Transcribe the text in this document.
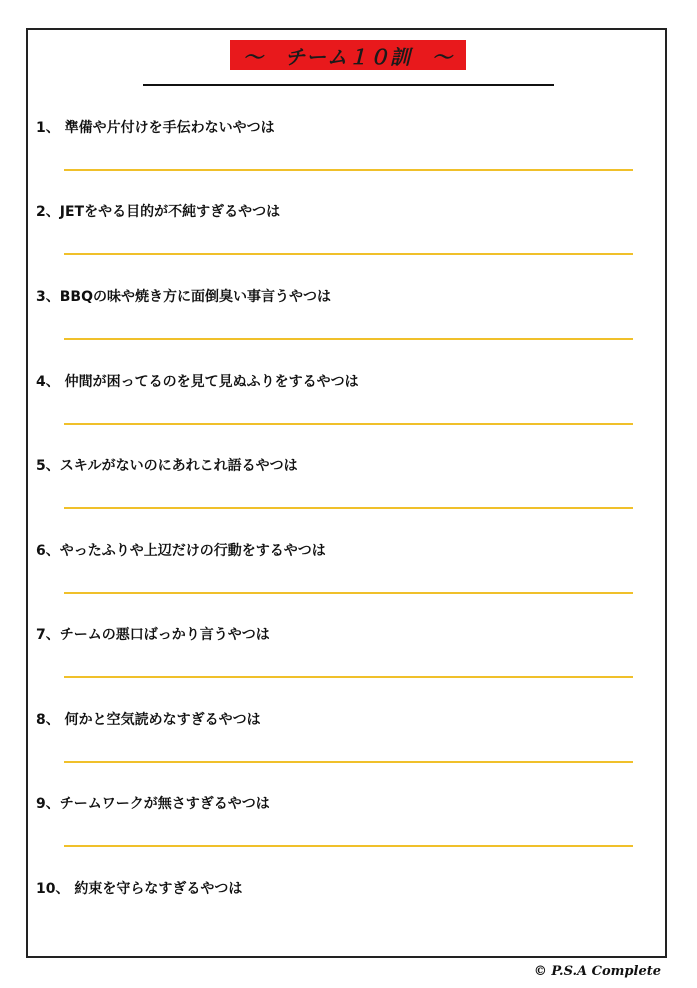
〜　チーム１０訓　〜
1、 準備や片付けを手伝わないやつは
2、JETをやる目的が不純すぎるやつは
3、BBQの味や焼き方に面倒臭い事言うやつは
4、 仲間が困ってるのを見て見ぬふりをするやつは
5、スキルがないのにあれこれ語るやつは
6、やったふりや上辺だけの行動をするやつは
7、チームの悪口ばっかり言うやつは
8、 何かと空気読めなすぎるやつは
9、チームワークが無さすぎるやつは
10、 約束を守らなすぎるやつは
© P.S.A Complete
